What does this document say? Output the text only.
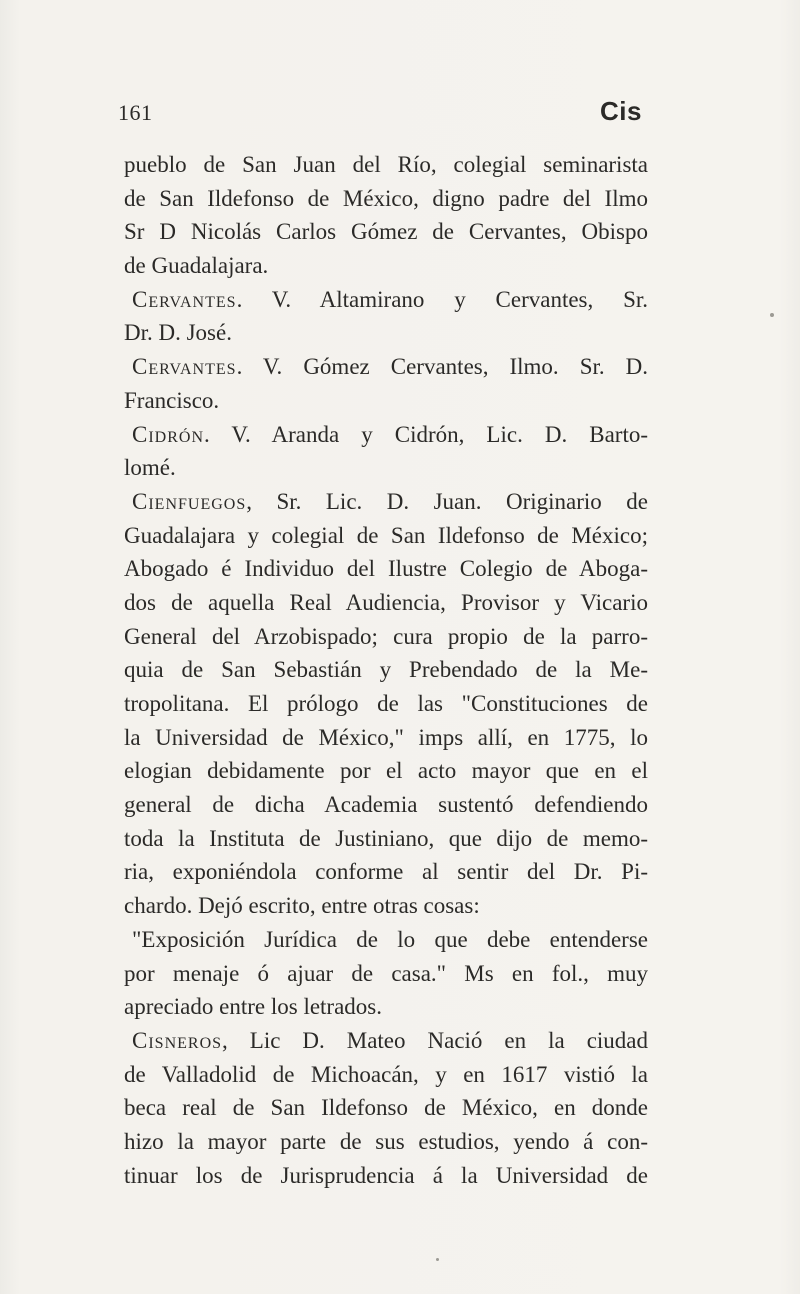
161	Cis
pueblo de San Juan del Río, colegial seminarista
de San Ildefonso de México, digno padre del Ilmo
Sr D Nicolás Carlos Gómez de Cervantes, Obispo
de Guadalajara.
Cervantes. V. Altamirano y Cervantes, Sr.
Dr. D. José.
Cervantes. V. Gómez Cervantes, Ilmo. Sr. D.
Francisco.
Cidrón. V. Aranda y Cidrón, Lic. D. Barto-
lomé.
Cienfuegos, Sr. Lic. D. Juan. Originario de
Guadalajara y colegial de San Ildefonso de México;
Abogado é Individuo del Ilustre Colegio de Aboga-
dos de aquella Real Audiencia, Provisor y Vicario
General del Arzobispado; cura propio de la parro-
quia de San Sebastián y Prebendado de la Me-
tropolitana. El prólogo de las "Constituciones de
la Universidad de México," imps allí, en 1775, lo
elogian debidamente por el acto mayor que en el
general de dicha Academia sustentó defendiendo
toda la Instituta de Justiniano, que dijo de memo-
ria, exponiéndola conforme al sentir del Dr. Pi-
chardo. Dejó escrito, entre otras cosas:
"Exposición Jurídica de lo que debe entenderse
por menaje ó ajuar de casa." Ms en fol., muy
apreciado entre los letrados.
Cisneros, Lic D. Mateo Nació en la ciudad
de Valladolid de Michoacán, y en 1617 vistió la
beca real de San Ildefonso de México, en donde
hizo la mayor parte de sus estudios, yendo á con-
tinuar los de Jurisprudencia á la Universidad de
